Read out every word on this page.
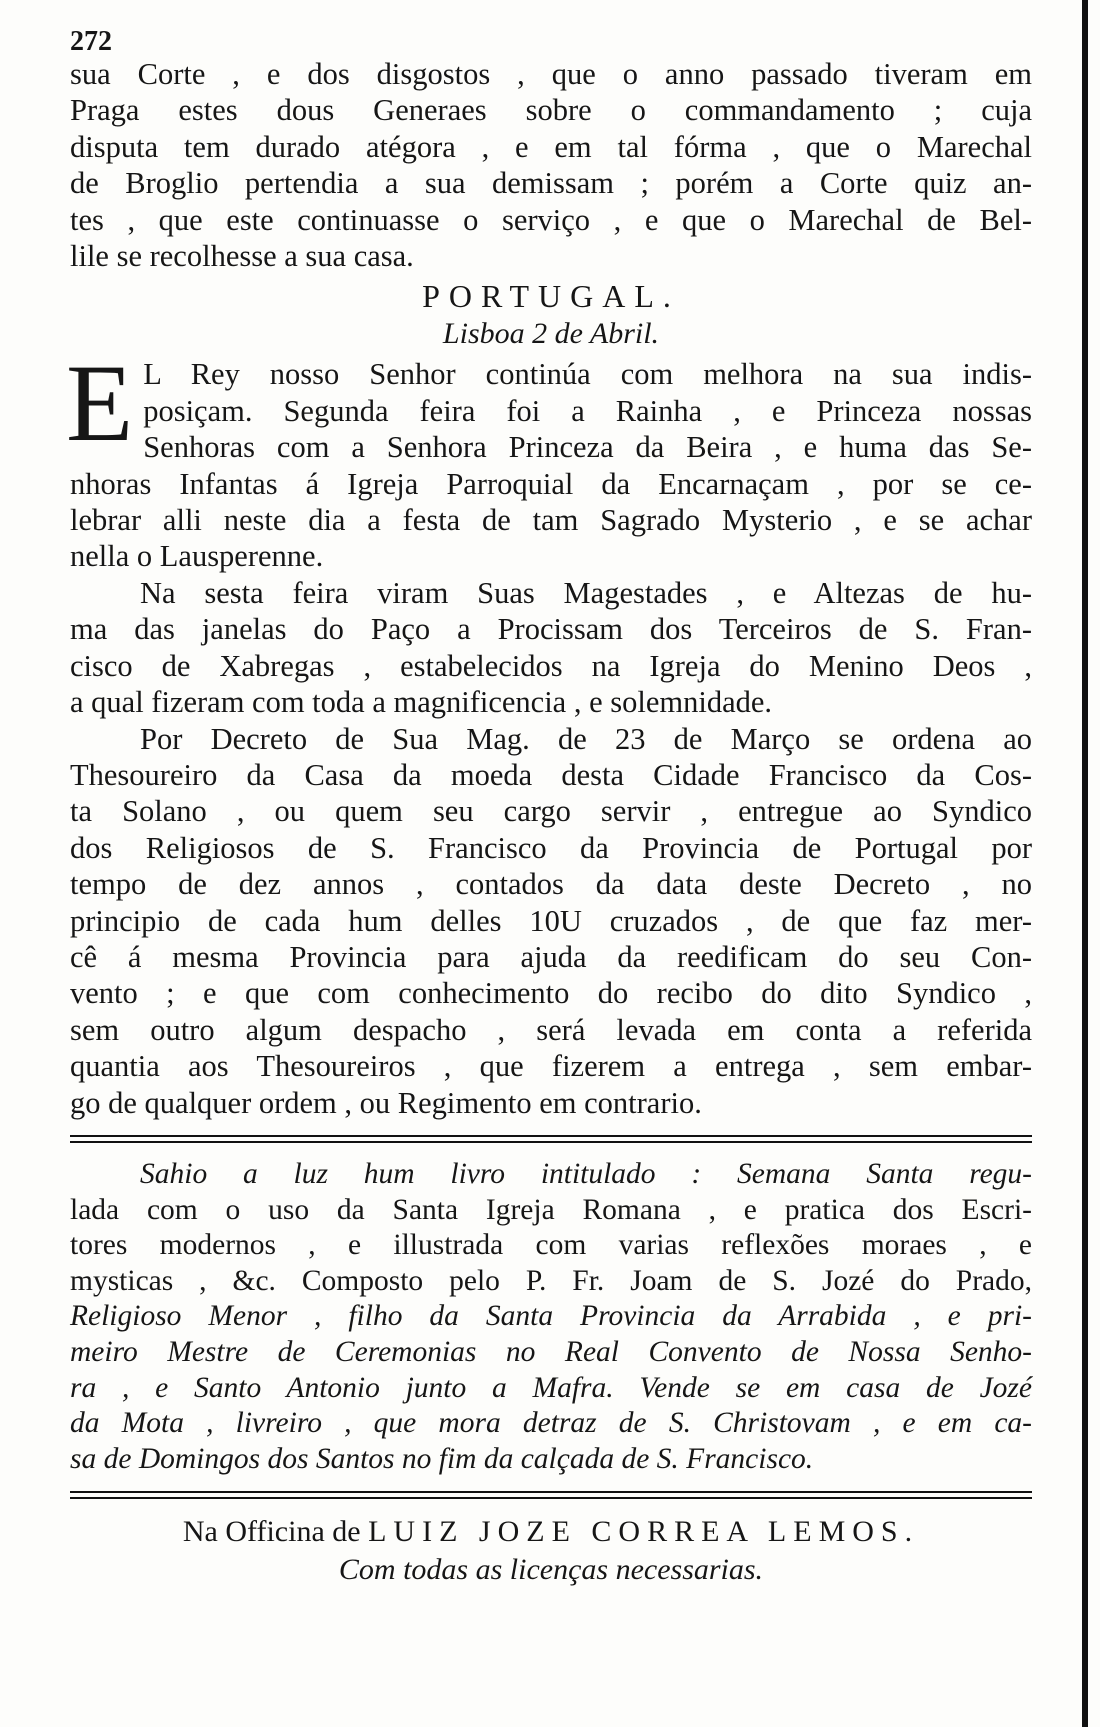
272
sua Corte , e dos disgostos , que o anno passado tiveram em
Praga estes dous Generaes sobre o commandamento ; cuja
disputa tem durado atégora , e em tal fórma , que o Marechal
de Broglio pertendia a sua demissam ; porém a Corte quiz an-
tes , que este continuasse o serviço , e que o Marechal de Bel-
lile se recolhesse a sua casa.
PORTUGAL.
Lisboa 2 de Abril.
E L Rey nosso Senhor continúa com melhora na sua indis-
posiçam. Segunda feira foi a Rainha , e Princeza nossas
Senhoras com a Senhora Princeza da Beira , e huma das Se-
nhoras Infantas á Igreja Parroquial da Encarnaçam , por se ce-
lebrar alli neste dia a festa de tam Sagrado Mysterio , e se achar
nella o Lausperenne.
Na sesta feira viram Suas Magestades , e Altezas de hu-
ma das janelas do Paço a Procissam dos Terceiros de S. Fran-
cisco de Xabregas , estabelecidos na Igreja do Menino Deos ,
a qual fizeram com toda a magnificencia , e solemnidade.
Por Decreto de Sua Mag. de 23 de Março se ordena ao
Thesoureiro da Casa da moeda desta Cidade Francisco da Cos-
ta Solano , ou quem seu cargo servir , entregue ao Syndico
dos Religiosos de S. Francisco da Provincia de Portugal por
tempo de dez annos , contados da data deste Decreto , no
principio de cada hum delles 10U cruzados , de que faz mer-
cê á mesma Provincia para ajuda da reedificam do seu Con-
vento ; e que com conhecimento do recibo do dito Syndico ,
sem outro algum despacho , será levada em conta a referida
quantia aos Thesoureiros , que fizerem a entrega , sem embar-
go de qualquer ordem , ou Regimento em contrario.
Sahio a luz hum livro intitulado : Semana Santa regu-
lada com o uso da Santa Igreja Romana , e pratica dos Escri-
tores modernos , e illustrada com varias reflexões moraes , e
mysticas , &c. Composto pelo P. Fr. Joam de S. Jozé do Prado,
Religioso Menor , filho da Santa Provincia da Arrabida , e pri-
meiro Mestre de Ceremonias no Real Convento de Nossa Senho-
ra , e Santo Antonio junto a Mafra. Vende se em casa de Jozé
da Mota , livreiro , que mora detraz de S. Christovam , e em ca-
sa de Domingos dos Santos no fim da calçada de S. Francisco.
Na Officina de LUIZ JOZE CORREA LEMOS.
Com todas as licenças necessarias.
